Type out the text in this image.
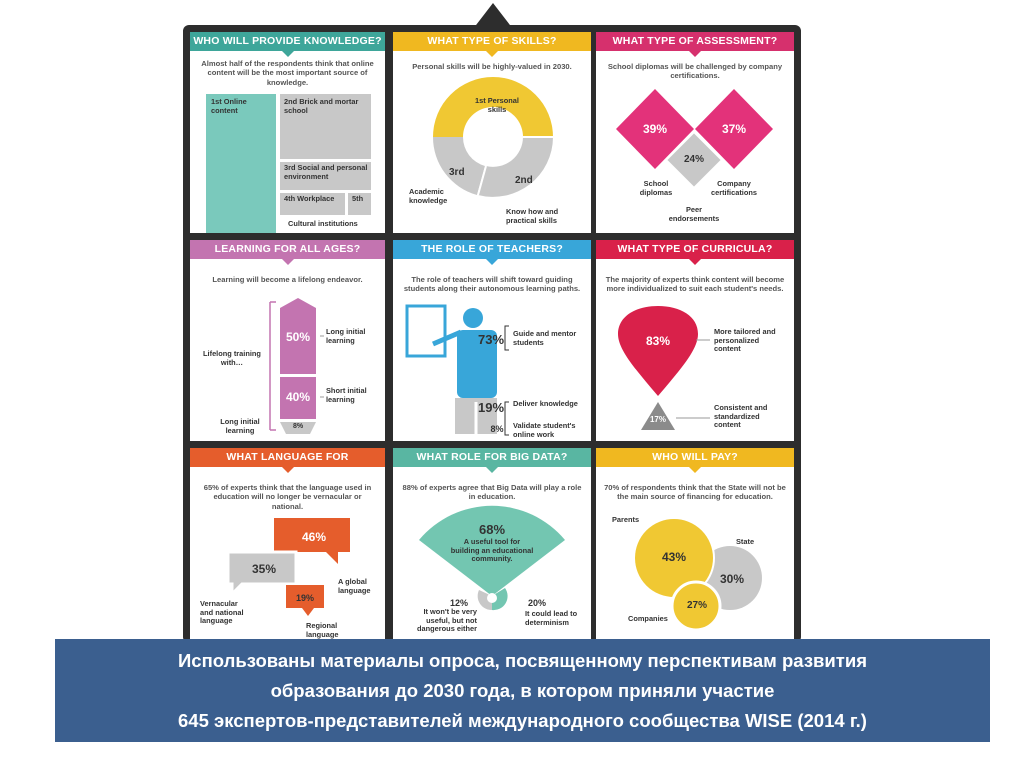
WHO WILL PROVIDE KNOWLEDGE?
Almost half of the respondents think that online content will be the most important source of knowledge.
1st Online content
2nd Brick and mortar school
3rd Social and personal environment
4th Workplace	5th
Cultural institutions
WHAT TYPE OF SKILLS?
Personal skills will be highly-valued in 2030.
1st Personal skills
2nd
Know how and practical skills
3rd
Academic knowledge
WHAT TYPE OF ASSESSMENT?
School diplomas will be challenged by company certifications.
39%	37%
24%
School diplomas
Company certifications
Peer endorsements
LEARNING FOR ALL AGES?
Learning will become a lifelong endeavor.
50%
40%
8%
Long initial learning
Short initial learning
Long initial learning
Lifelong training with…
THE ROLE OF TEACHERS?
The role of teachers will shift toward guiding students along their autonomous learning paths.
73%
19%
8%
Guide and mentor students
Deliver knowledge
Validate student's online work
WHAT TYPE OF CURRICULA?
The majority of experts think content will become more individualized to suit each student's needs.
83%
17%
More tailored and personalized content
Consistent and standardized content
WHAT LANGUAGE FOR EDUCATION?
65% of experts think that the language used in education will no longer be vernacular or national.
46%
35%
19%
A global language
Vernacular and national language
Regional language
WHAT ROLE FOR BIG DATA?
88% of experts agree that Big Data will play a role in education.
68%
A useful tool for building an educational community.
12%
It won't be very useful, but not dangerous either
20%
It could lead to determinism
WHO WILL PAY?
70% of respondents think that the State will not be the main source of financing for education.
43%
30%
27%
Parents
State
Companies
Использованы материалы опроса, посвященному перспективам развития
образования до 2030 года, в котором приняли участие
645 экспертов-представителей международного сообщества WISE (2014 г.)
